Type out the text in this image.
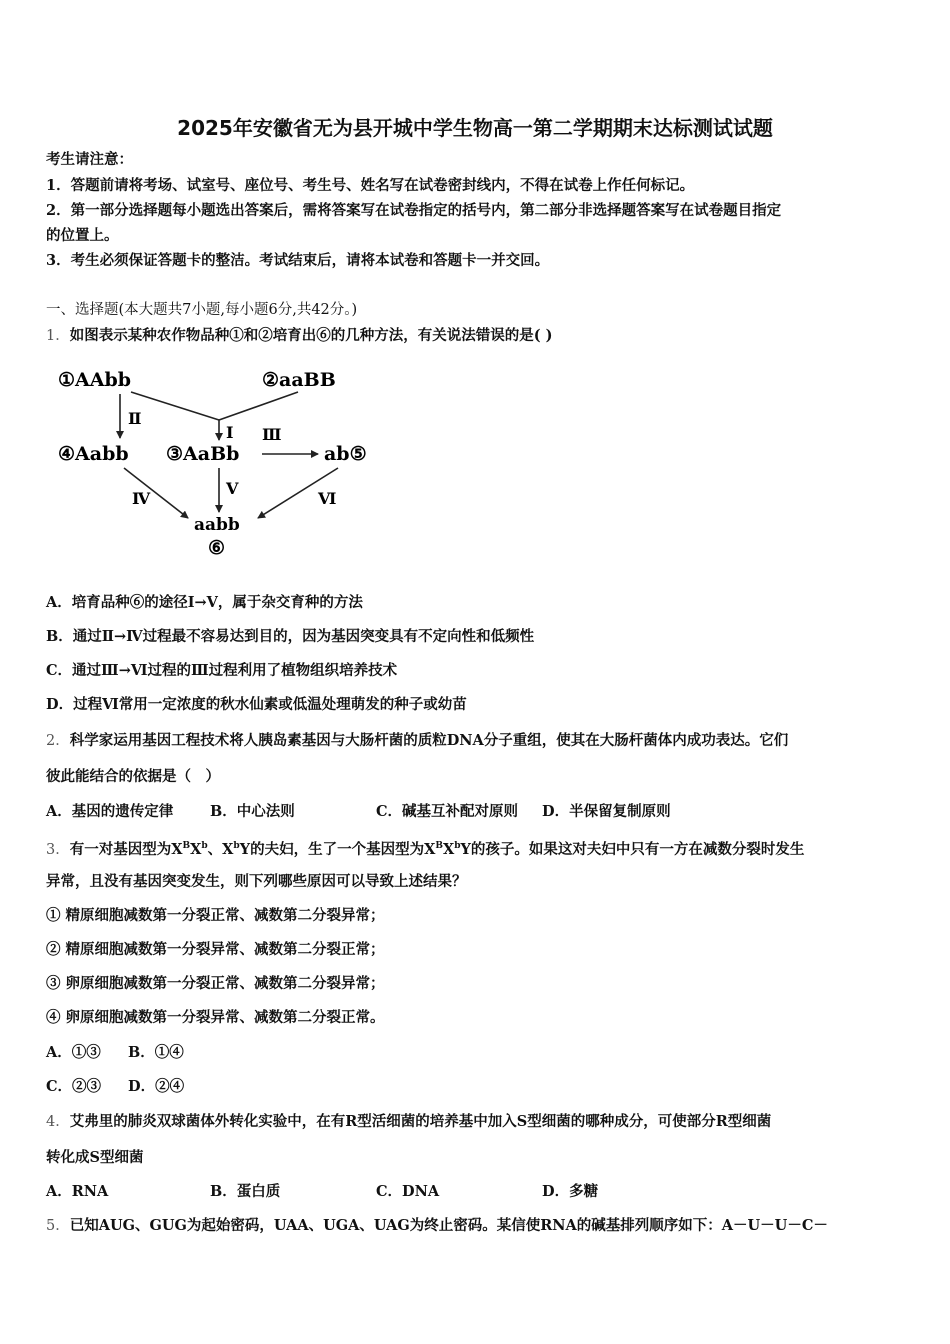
2025年安徽省无为县开城中学生物高一第二学期期末达标测试试题
考生请注意：
1．答题前请将考场、试室号、座位号、考生号、姓名写在试卷密封线内，不得在试卷上作任何标记。
2．第一部分选择题每小题选出答案后，需将答案写在试卷指定的括号内，第二部分非选择题答案写在试卷题目指定
的位置上。
3．考生必须保证答题卡的整洁。考试结束后，请将本试卷和答题卡一并交回。
一、选择题(本大题共7小题,每小题6分,共42分。)
1．如图表示某种农作物品种①和②培育出⑥的几种方法，有关说法错误的是( )
①AAbb	②aaBB
④Aabb ③AaBb	ab⑤
aabb
⑥
Ⅱ
Ⅰ Ⅲ
Ⅳ
Ⅴ
Ⅵ
A．培育品种⑥的途径Ⅰ→Ⅴ，属于杂交育种的方法
B．通过Ⅱ→Ⅳ过程最不容易达到目的，因为基因突变具有不定向性和低频性
C．通过Ⅲ→Ⅵ过程的Ⅲ过程利用了植物组织培养技术
D．过程Ⅵ常用一定浓度的秋水仙素或低温处理萌发的种子或幼苗
2．科学家运用基因工程技术将人胰岛素基因与大肠杆菌的质粒DNA分子重组，使其在大肠杆菌体内成功表达。它们
彼此能结合的依据是（　）
A．基因的遗传定律	B．中心法则	C．碱基互补配对原则 D．半保留复制原则
3．有一对基因型为$X^BX^b$、$X^bY$的夫妇，生了一个基因型为$X^BX^bY$的孩子。如果这对夫妇中只有一方在减数分裂时发生
异常，且没有基因突变发生，则下列哪些原因可以导致上述结果？
① 精原细胞减数第一分裂正常、减数第二分裂异常；
② 精原细胞减数第一分裂异常、减数第二分裂正常；
③ 卵原细胞减数第一分裂正常、减数第二分裂异常；
④ 卵原细胞减数第一分裂异常、减数第二分裂正常。
A．①③ B．①④
C．②③ D．②④
4．艾弗里的肺炎双球菌体外转化实验中，在有R型活细菌的培养基中加入S型细菌的哪种成分，可使部分R型细菌
转化成S型细菌
A．RNA	B．蛋白质	C．DNA	D．多糖
5．已知AUG、GUG为起始密码，UAA、UGA、UAG为终止密码。某信使RNA的碱基排列顺序如下：A－U－U－C－
